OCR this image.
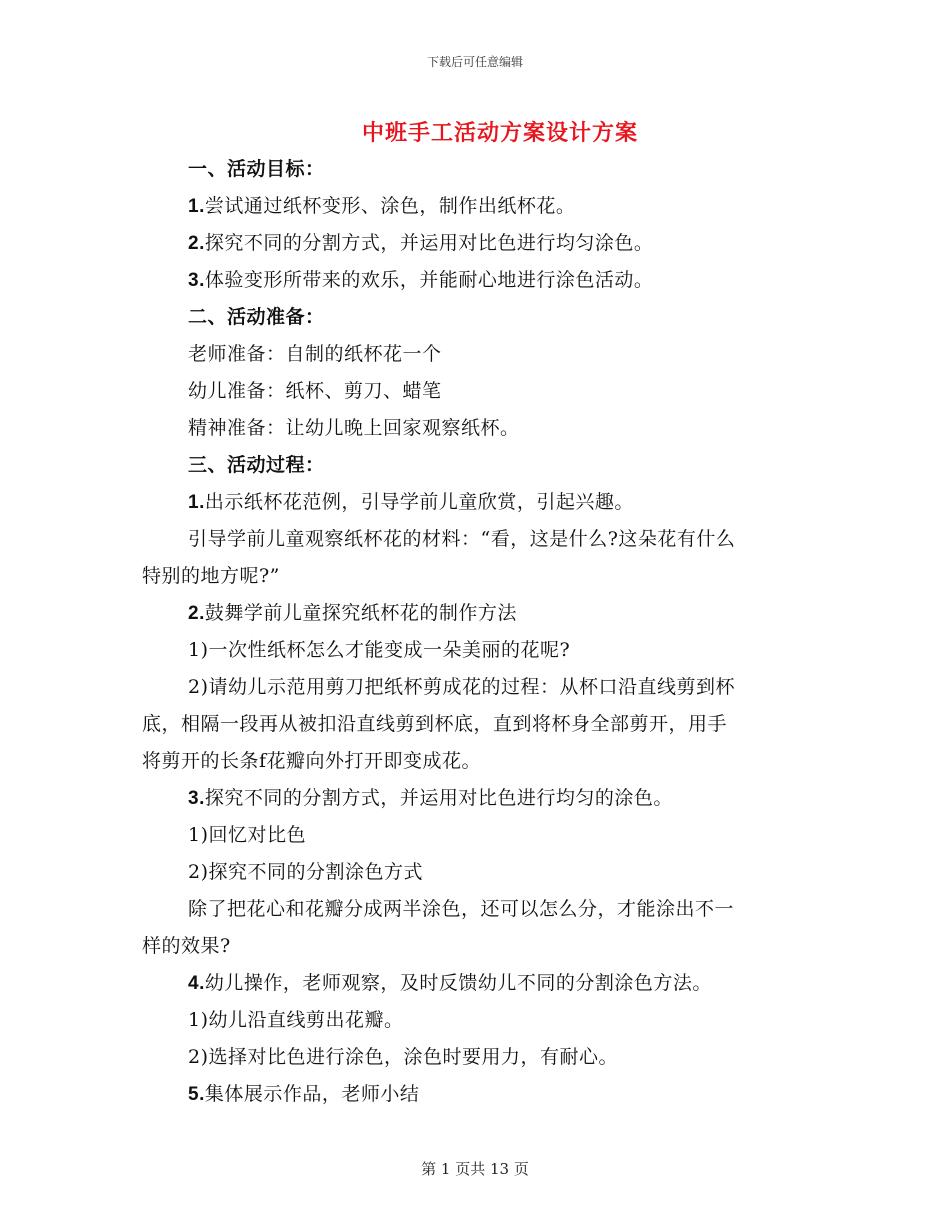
下载后可任意编辑
中班手工活动方案设计方案
一、活动目标：
1.尝试通过纸杯变形、涂色，制作出纸杯花。
2.探究不同的分割方式，并运用对比色进行均匀涂色。
3.体验变形所带来的欢乐，并能耐心地进行涂色活动。
二、活动准备：
老师准备：自制的纸杯花一个
幼儿准备：纸杯、剪刀、蜡笔
精神准备：让幼儿晚上回家观察纸杯。
三、活动过程：
1.出示纸杯花范例，引导学前儿童欣赏，引起兴趣。
引导学前儿童观察纸杯花的材料：“看，这是什么?这朵花有什么
特别的地方呢?”
2.鼓舞学前儿童探究纸杯花的制作方法
1)一次性纸杯怎么才能变成一朵美丽的花呢?
2)请幼儿示范用剪刀把纸杯剪成花的过程：从杯口沿直线剪到杯
底，相隔一段再从被扣沿直线剪到杯底，直到将杯身全部剪开，用手
将剪开的长条f花瓣向外打开即变成花。
3.探究不同的分割方式，并运用对比色进行均匀的涂色。
1)回忆对比色
2)探究不同的分割涂色方式
除了把花心和花瓣分成两半涂色，还可以怎么分，才能涂出不一
样的效果?
4.幼儿操作，老师观察，及时反馈幼儿不同的分割涂色方法。
1)幼儿沿直线剪出花瓣。
2)选择对比色进行涂色，涂色时要用力，有耐心。
5.集体展示作品，老师小结
第 1 页共 13 页
